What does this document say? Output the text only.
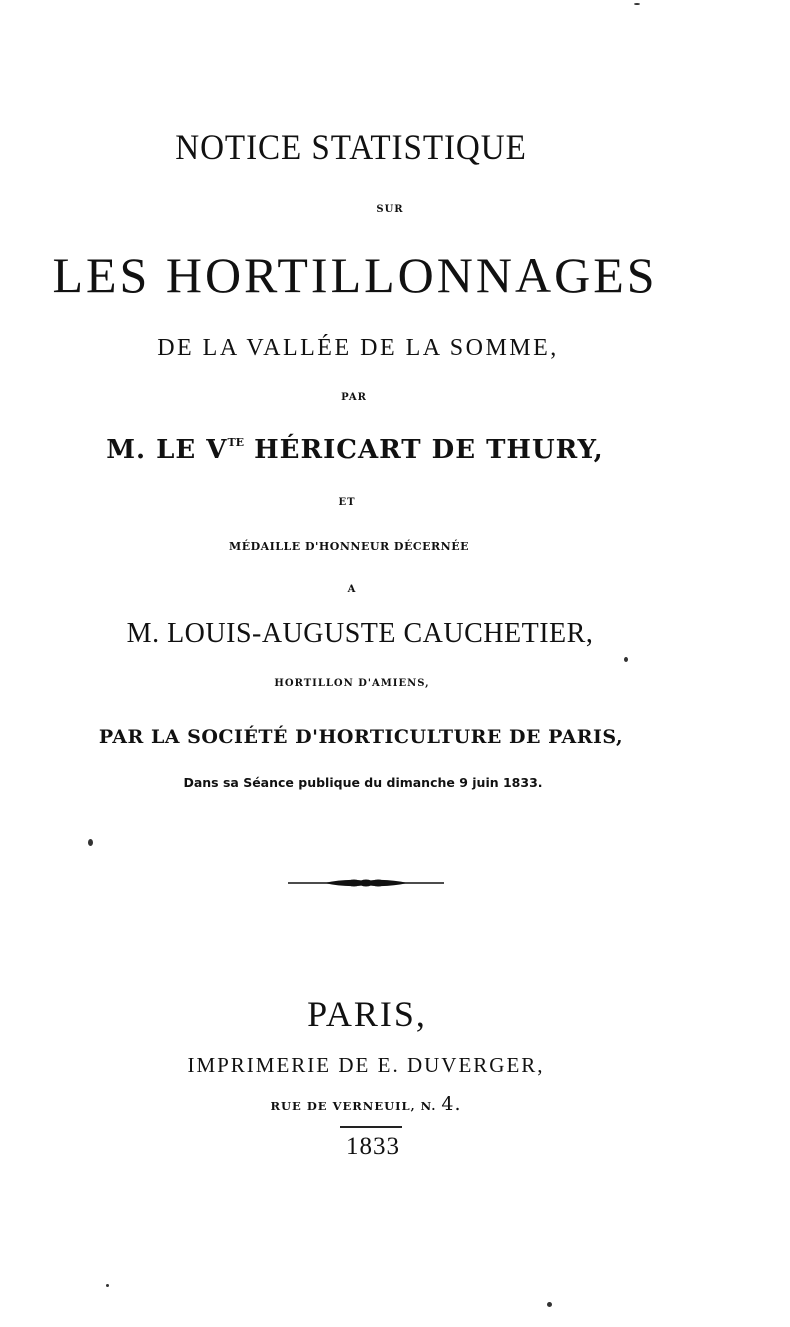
NOTICE STATISTIQUE
SUR
LES HORTILLONNAGES
DE LA VALLÉE DE LA SOMME,
PAR
M. LE $V^{TE}$ HÉRICART DE THURY,
ET
MÉDAILLE D'HONNEUR DÉCERNÉE
A
M. LOUIS-AUGUSTE CAUCHETIER,
HORTILLON D'AMIENS,
PAR LA SOCIÉTÉ D'HORTICULTURE DE PARIS,
Dans sa Séance publique du dimanche 9 juin 1833.
PARIS,
IMPRIMERIE DE E. DUVERGER,
RUE DE VERNEUIL, N. 4.
1833
